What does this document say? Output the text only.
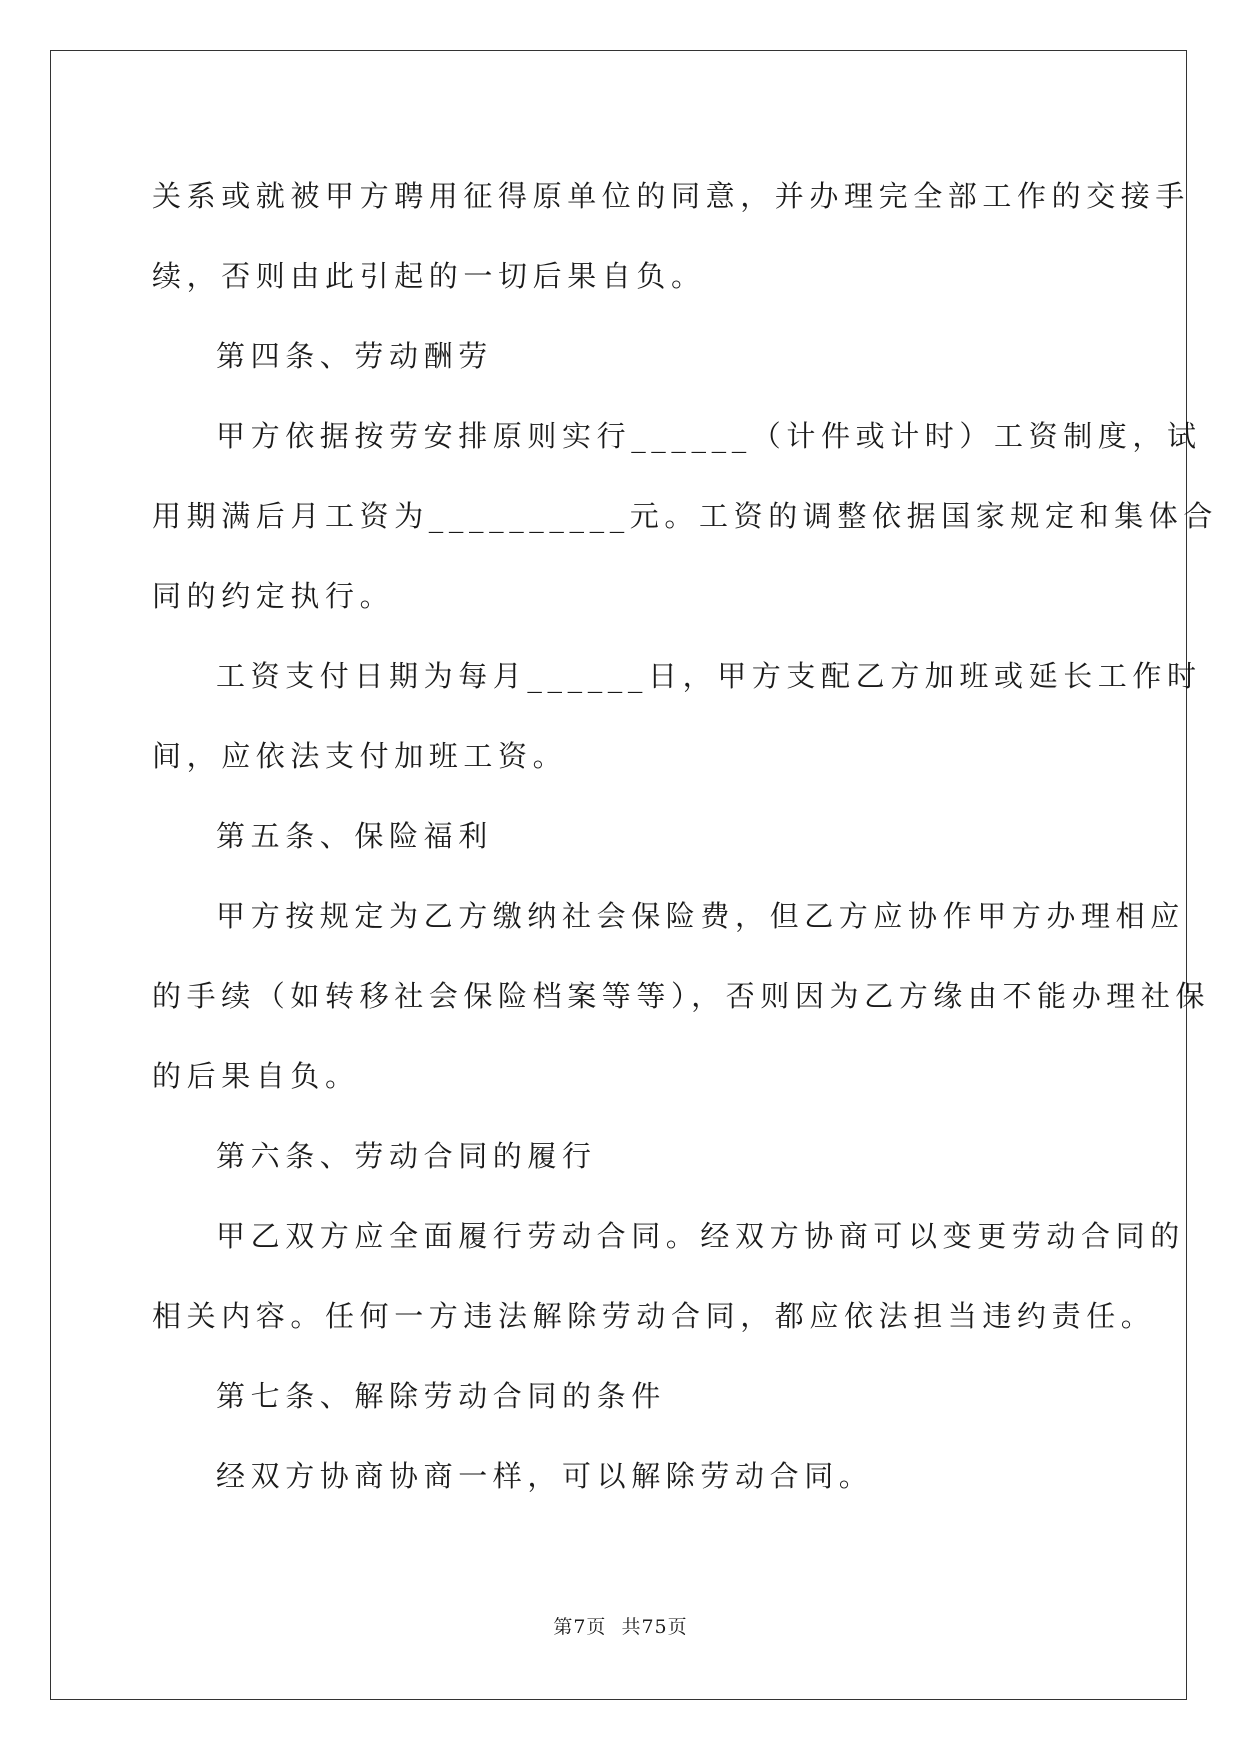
关系或就被甲方聘用征得原单位的同意，并办理完全部工作的交接手

续，否则由此引起的一切后果自负。

第四条、劳动酬劳

甲方依据按劳安排原则实行______（计件或计时）工资制度，试

用期满后月工资为__________元。工资的调整依据国家规定和集体合

同的约定执行。

工资支付日期为每月______日，甲方支配乙方加班或延长工作时

间，应依法支付加班工资。

第五条、保险福利

甲方按规定为乙方缴纳社会保险费，但乙方应协作甲方办理相应

的手续（如转移社会保险档案等等），否则因为乙方缘由不能办理社保

的后果自负。

第六条、劳动合同的履行

甲乙双方应全面履行劳动合同。经双方协商可以变更劳动合同的

相关内容。任何一方违法解除劳动合同，都应依法担当违约责任。

第七条、解除劳动合同的条件

经双方协商协商一样，可以解除劳动合同。

第7页 共75页
